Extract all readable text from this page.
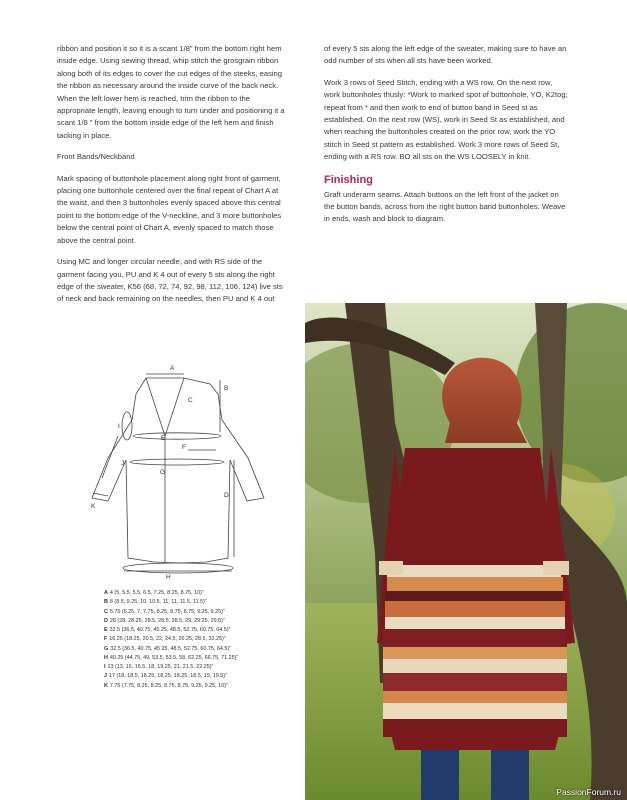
ribbon and position it so it is a scant 1/8” from the bottom right hem inside edge. Using sewing thread, whip stitch the grosgrain ribbon along both of its edges to cover the cut edges of the steeks, easing the ribbon as necessary around the inside curve of the back neck. When the left lower hem is reached, trim the ribbon to the appropriate length, leaving enough to turn under and positioning it a scant 1/8 ” from the bottom inside edge of the left hem and finish tacking in place.

Front Bands/Neckband

Mark spacing of buttonhole placement along right front of garment, placing one buttonhole centered over the final repeat of Chart A at the waist, and then 3 buttonholes evenly spaced above this central point to the bottom edge of the V-neckline, and 3 more buttonholes below the central point of Chart A, evenly spaced to match those above the central point.

Using MC and longer circular needle, and with RS side of the garment facing you, PU and K 4 out of every 5 sts along the right edge of the sweater, K56 (68, 72, 74, 92, 98, 112, 106, 124) live sts of neck and back remaining on the needles, then PU and K 4 out

of every 5 sts along the left edge of the sweater, making sure to have an odd number of sts when all sts have been worked.

Work 3 rows of Seed Stitch, ending with a WS row. On the next row, work buttonholes thusly: *Work to marked spot of buttonhole, YO, K2tog; repeat from * and then work to end of button band in Seed st as established. On the next row (WS), work in Seed St as established, and when reaching the buttonholes created on the prior row, work the YO stitch in Seed st pattern as established. Work 3 more rows of Seed St, ending with a RS row. BO all sts on the WS LOOSELY in knit.

Finishing

Graft underarm seams. Attach buttons on the left front of the jacket on the button bands, across from the right button band buttonholes. Weave in ends, wash and block to diagram.

A
B
C
D
E
F
G
H
I
J
K
A 4 (5, 5.5, 5.5, 6.5, 7.25, 8.25, 8.75, 10)”
B 8 (8.5, 9.25, 10, 10.5, 11, 11, 11.5, 11.5)”
C 5.75 (6.25, 7, 7.75, 8.25, 8.75, 8.75, 9.25, 9.25)”
D 28 (28, 28.25, 28.5, 28.5, 28.5, 29, 29.25, 29.5)”
E 32.5 (36.5, 40.75, 45.25, 48.5, 52.75, 60.75, 64.5)”
F 16.25 (18.25, 20.5, 22, 24.5, 26.25, 28.5, 32.25)”
G 32.5 (36.5, 40.75, 45.25, 48.5, 52.75, 60.75, 64.5)”
H 40.25 (44.75, 49, 53.5, 53.5, 58, 62.25, 66.75, 71.25)”
I 13 (13, 15, 16.5, 18, 19.25, 21, 21.5, 22.25)”
J 17 (18, 18.5, 18.25, 18.25, 18.25, 18.5, 19, 19.5)”
K 7.75 (7.75, 8.25, 8.25, 8.75, 8.75, 9.25, 9.25, 10)”
PassionForum.ru
